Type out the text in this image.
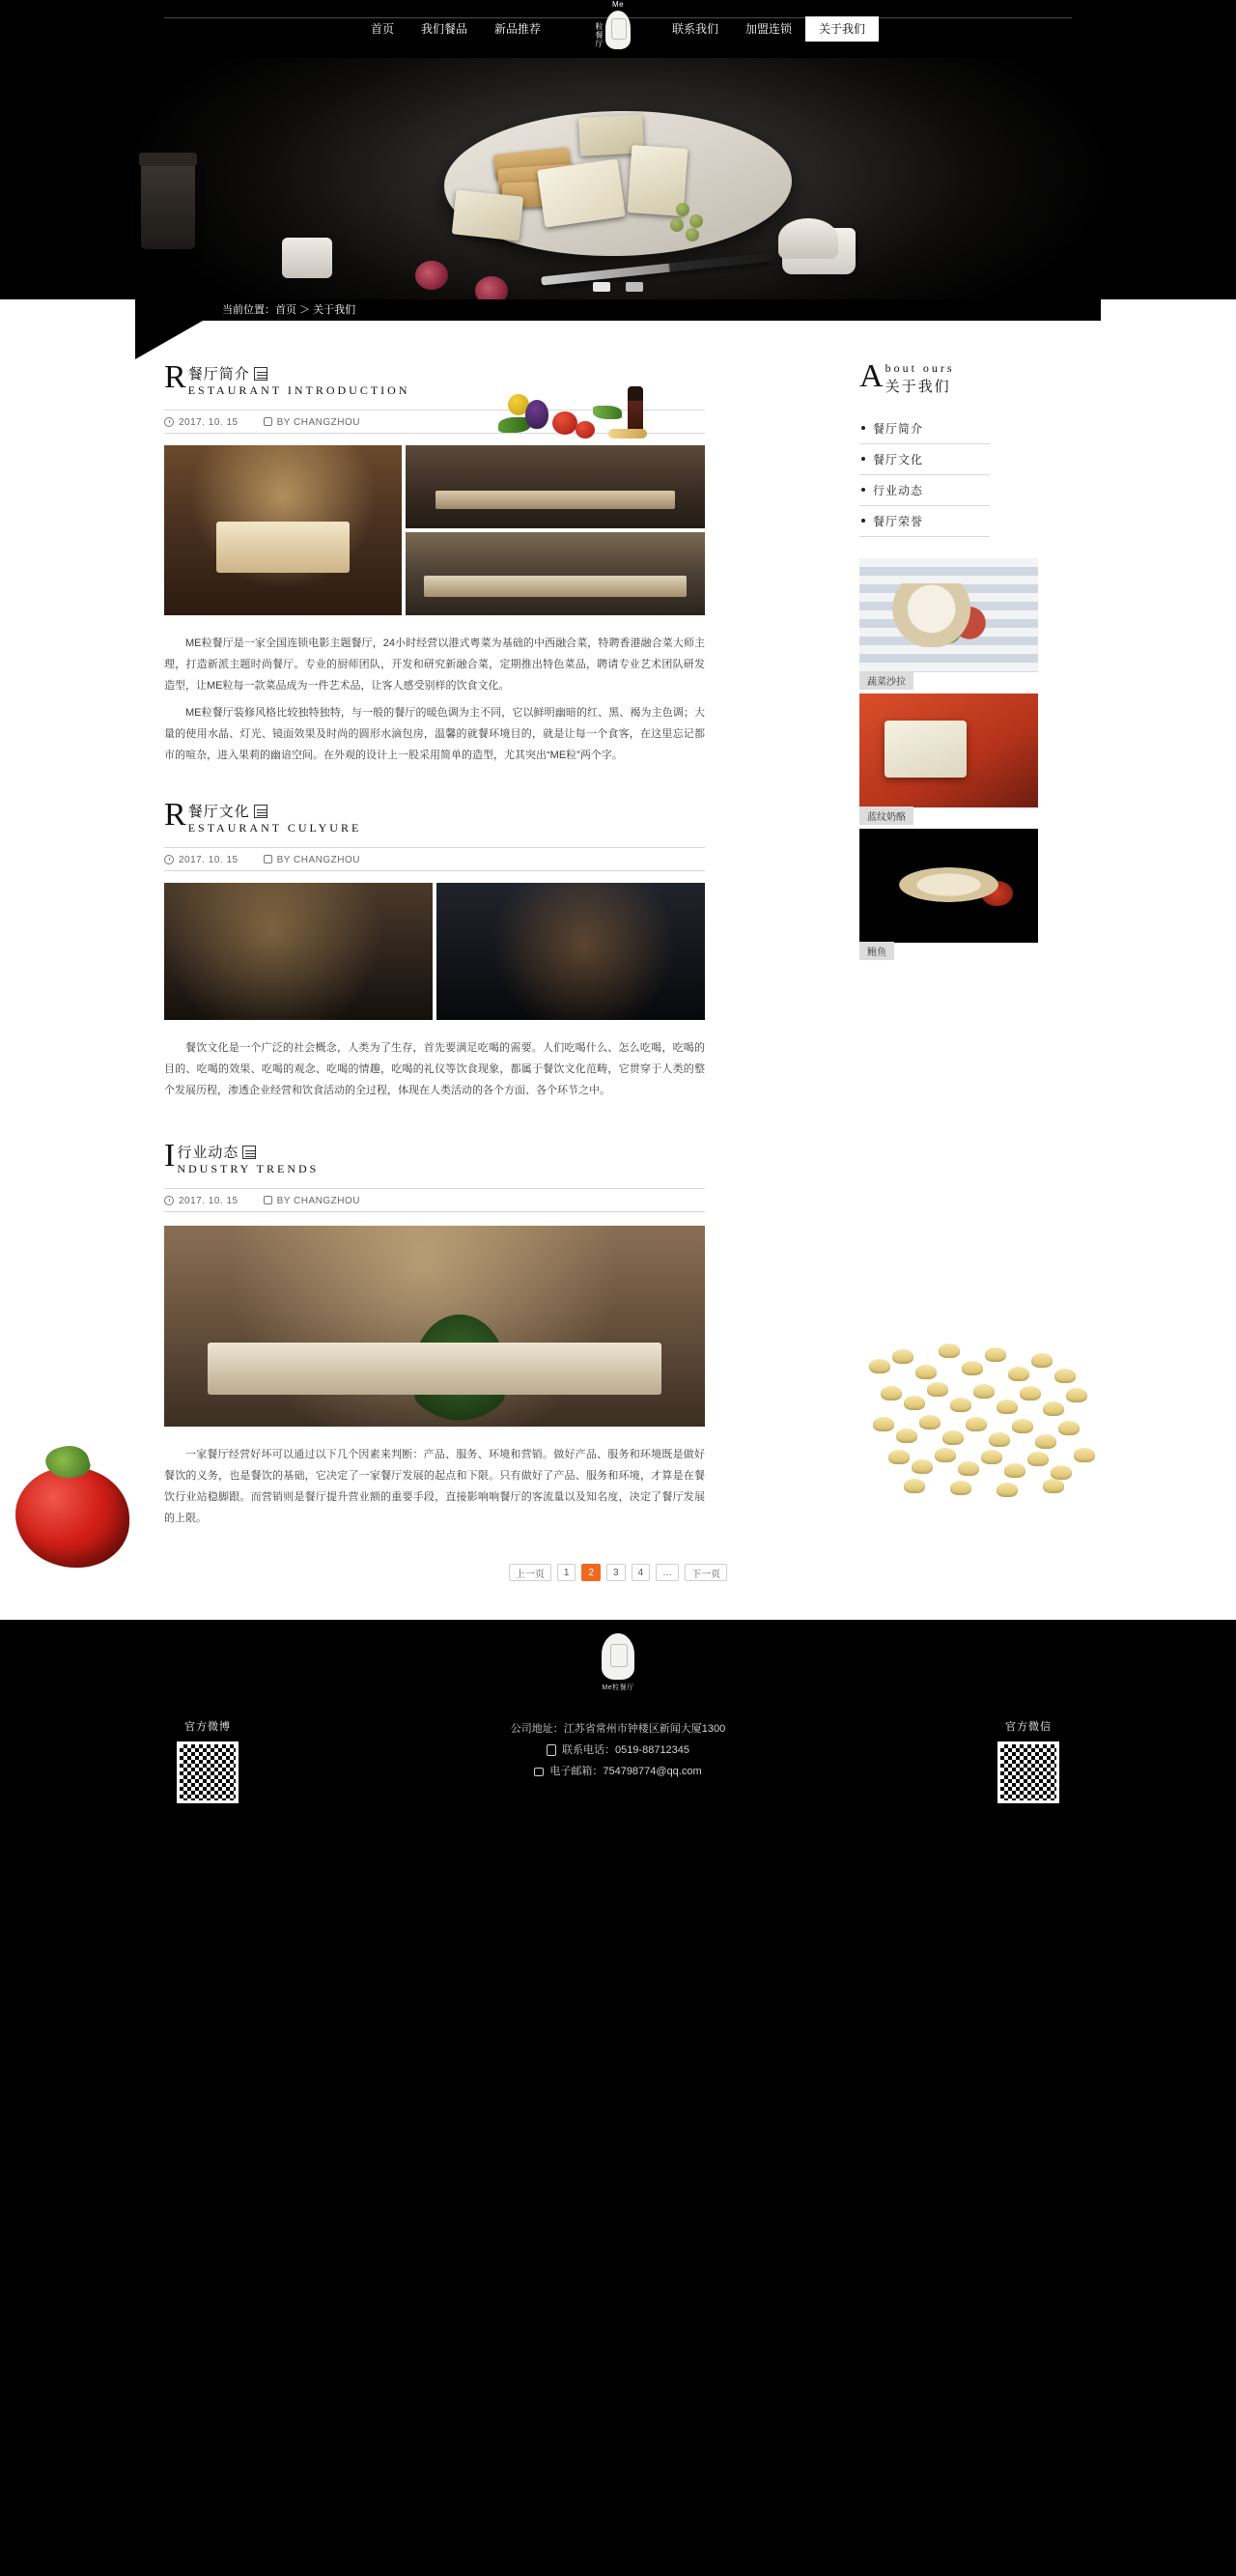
首页	我们餐品	新品推荐	联系我们	加盟连锁	关于我们
Me
粒餐厅
当前位置：首页 ＞ 关于我们
R 餐厅简介
ESTAURANT INTRODUCTION
2017. 10. 15	BY CHANGZHOU

ME粒餐厅是一家全国连锁电影主题餐厅，24小时经营以港式粤菜为基础的中西融合菜，特聘香港融合菜大师主理，打造新派主题时尚餐厅。专业的厨师团队，开发和研究新融合菜，定期推出特色菜品，聘请专业艺术团队研发造型，让ME粒每一款菜品成为一件艺术品，让客人感受别样的饮食文化。

ME粒餐厅装修风格比较独特独特，与一般的餐厅的暖色调为主不同，它以鲜明幽暗的红、黑、褐为主色调；大量的使用水晶、灯光、镜面效果及时尚的圆形水滴包房，温馨的就餐环境目的，就是让每一个食客，在这里忘记都市的喧杂，进入果莉的幽谙空间。在外观的设计上一股采用简单的造型，尤其突出“ME粒”两个字。

R 餐厅文化
ESTAURANT CULYURE
2017. 10. 15	BY CHANGZHOU

餐饮文化是一个广泛的社会概念，人类为了生存，首先要满足吃喝的需要。人们吃喝什么、怎么吃喝，吃喝的目的、吃喝的效果、吃喝的观念、吃喝的情趣，吃喝的礼仪等饮食现象，都属于餐饮文化范畴，它贯穿于人类的整个发展历程，渗透企业经营和饮食活动的全过程，体现在人类活动的各个方面、各个环节之中。

I 行业动态
NDUSTRY TRENDS
2017. 10. 15	BY CHANGZHOU

一家餐厅经营好坏可以通过以下几个因素来判断：产品、服务、环境和营销。做好产品、服务和环境既是做好餐饮的义务，也是餐饮的基础，它决定了一家餐厅发展的起点和下限。只有做好了产品、服务和环境，才算是在餐饮行业站稳脚跟。而营销则是餐厅提升营业额的重要手段，直接影响响餐厅的客流量以及知名度，决定了餐厅发展的上限。

A bout ours
关于我们
餐厅简介
餐厅文化
行业动态
餐厅荣誉
蔬菜沙拉
蓝纹奶酪
鲍鱼
上一页	1	2	3	4	…	下一页
Me粒餐厅
官方微博	公司地址：江苏省常州市钟楼区新闻大厦1300
联系电话：0519-88712345
电子邮箱：754798774@qq.com
官方微信
